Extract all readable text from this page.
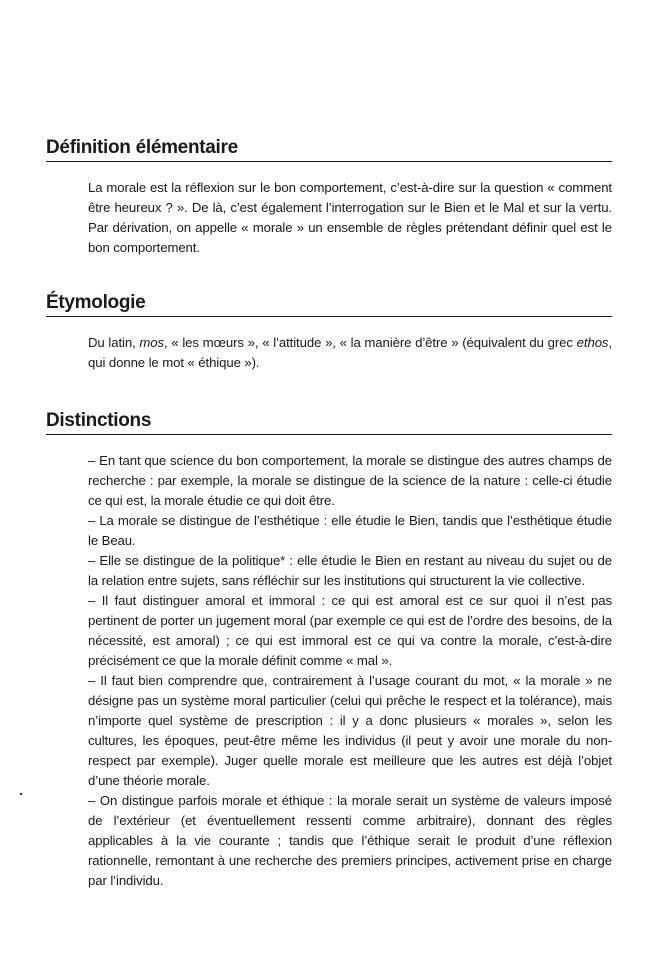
Définition élémentaire

La morale est la réflexion sur le bon comportement, c’est-à-dire sur la question « comment être heureux ? ». De là, c’est également l’interrogation sur le Bien et le Mal et sur la vertu. Par dérivation, on appelle « morale » un ensemble de règles prétendant définir quel est le bon comportement.

Étymologie

Du latin, mos, « les mœurs », « l’attitude », « la manière d’être » (équivalent du grec ethos, qui donne le mot « éthique »).

Distinctions

– En tant que science du bon comportement, la morale se distingue des autres champs de recherche : par exemple, la morale se distingue de la science de la nature : celle-ci étudie ce qui est, la morale étudie ce qui doit être.

– La morale se distingue de l’esthétique : elle étudie le Bien, tandis que l’esthétique étudie le Beau.

– Elle se distingue de la politique* : elle étudie le Bien en restant au niveau du sujet ou de la relation entre sujets, sans réfléchir sur les institutions qui structurent la vie collective.

– Il faut distinguer amoral et immoral : ce qui est amoral est ce sur quoi il n’est pas pertinent de porter un jugement moral (par exemple ce qui est de l’ordre des besoins, de la nécessité, est amoral) ; ce qui est immoral est ce qui va contre la morale, c’est-à-dire précisément ce que la morale définit comme « mal ».

– Il faut bien comprendre que, contrairement à l’usage courant du mot, « la morale » ne désigne pas un système moral particulier (celui qui prêche le respect et la tolérance), mais n’importe quel système de prescription : il y a donc plusieurs « morales », selon les cultures, les époques, peut-être même les individus (il peut y avoir une morale du non-respect par exemple). Juger quelle morale est meilleure que les autres est déjà l’objet d’une théorie morale.

– On distingue parfois morale et éthique : la morale serait un système de valeurs imposé de l’extérieur (et éventuellement ressenti comme arbitraire), donnant des règles applicables à la vie courante ; tandis que l’éthique serait le produit d’une réflexion rationnelle, remontant à une recherche des premiers principes, activement prise en charge par l’individu.
